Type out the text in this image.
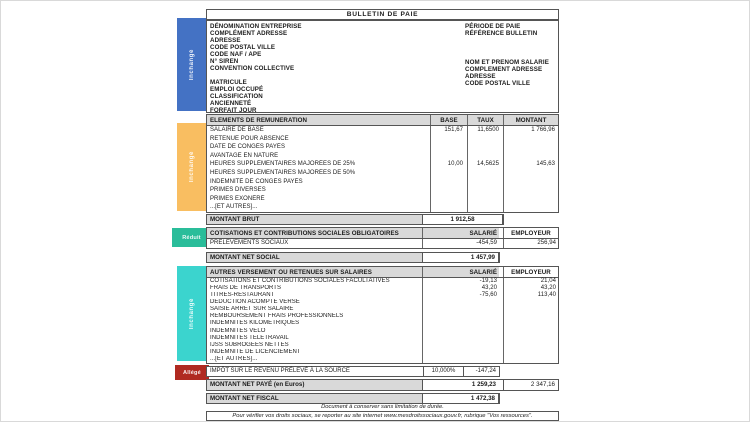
Inchangé
Inchangé
Réduit
Inchangé
Allégé
BULLETIN DE PAIE
DÉNOMINATION ENTREPRISE
COMPLÉMENT ADRESSE
ADRESSE
CODE POSTAL VILLE
CODE NAF / APE
N° SIREN
CONVENTION COLLECTIVE
MATRICULE
EMPLOI OCCUPÉ
CLASSIFICATION
ANCIENNETÉ
FORFAIT JOUR
PÉRIODE DE PAIE
RÉFÉRENCE BULLETIN
NOM ET PRENOM SALARIE
COMPLEMENT ADRESSE
ADRESSE
CODE POSTAL VILLE
ELEMENTS DE REMUNERATION	BASE	TAUX	MONTANT
SALAIRE DE BASE	151,67	11,6500	1 766,96
RETENUE POUR ABSENCE
DATE DE CONGÉS PAYÉS
AVANTAGE EN NATURE
HEURES SUPPLÉMENTAIRES MAJORÉES DE 25%	10,00	14,5625	145,63
HEURES SUPPLÉMENTAIRES MAJORÉES DE 50%
INDEMNITÉ DE CONGÉS PAYÉS
PRIMES DIVERSES
PRIMES EXONÉRÉ
...[ET AUTRES]...
MONTANT BRUT	1 912,58
COTISATIONS ET CONTRIBUTIONS SOCIALES OBLIGATOIRES	SALARIÉ	EMPLOYEUR
PRELEVEMENTS SOCIAUX	-454,59	256,94
MONTANT NET SOCIAL	1 457,99
AUTRES VERSEMENT OU RETENUES SUR SALAIRES	SALARIÉ	EMPLOYEUR
COTISATIONS ET CONTRIBUTIONS SOCIALES FACULTATIVES	-19,13	21,04
FRAIS DE TRANSPORTS	43,20	43,20
TITRES-RESTAURANT	-75,60	113,40
DÉDUCTION ACOMPTE VERSÉ
SAISIE ARRÊT SUR SALAIRE
REMBOURSEMENT FRAIS PROFESSIONNELS
INDEMNITÉS KILOMÉTRIQUES
INDEMNITÉS VÉLO
INDEMNITÉS TÉLÉTRAVAIL
IJSS SUBROGÉES NETTES
INDEMNITÉ DE LICENCIEMENT
...[ET AUTRES]...
IMPÔT SUR LE REVENU PRÉLEVÉ À LA SOURCE	10,000%	-147,24
MONTANT NET PAYÉ (en Euros)	1 259,23	2 347,16
MONTANT NET FISCAL	1 472,38
Document à conserver sans limitation de durée.
Pour vérifier vos droits sociaux, se reporter au site internet www.mesdroitssociaux.gouv.fr, rubrique "Vos ressources".
